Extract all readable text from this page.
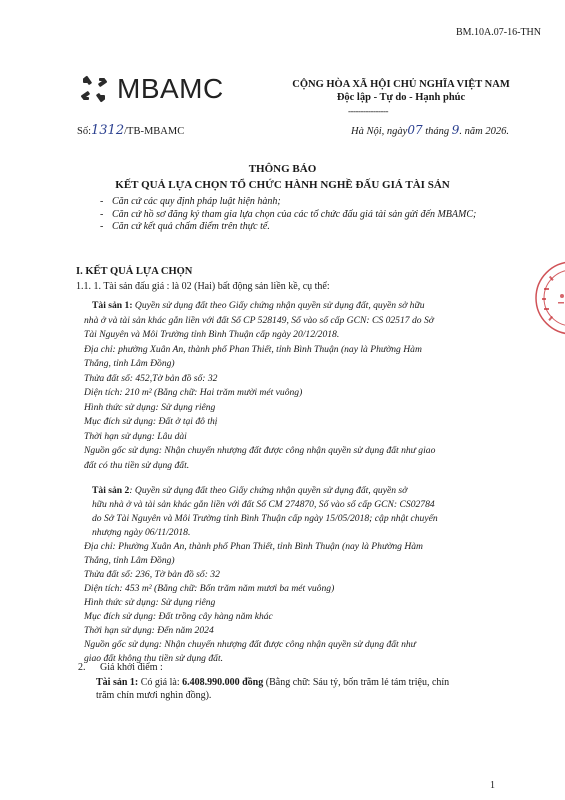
BM.10A.07-16-THN
MBAMC	CỘNG HÒA XÃ HỘI CHỦ NGHĨA VIỆT NAM
Độc lập - Tự do - Hạnh phúc
----------------
Số:1312/TB-MBAMC	Hà Nội, ngày07 tháng 9. năm 2026.
THÔNG BÁO
KẾT QUẢ LỰA CHỌN TỔ CHỨC HÀNH NGHỀ ĐẤU GIÁ TÀI SẢN
- Căn cứ các quy định pháp luật hiện hành;
- Căn cứ hồ sơ đăng ký tham gia lựa chọn của các tổ chức đấu giá tài sản gửi đến MBAMC;
- Căn cứ kết quả chấm điểm trên thực tế.
I. KẾT QUẢ LỰA CHỌN
1.1. 1. Tài sản đấu giá : là 02 (Hai) bất động sản liền kề, cụ thể:
Tài sản 1: Quyền sử dụng đất theo Giấy chứng nhận quyền sử dụng đất, quyền sở hữu
nhà ở và tài sản khác gắn liền với đất Số CP 528149, Số vào sổ cấp GCN: CS 02517 do Sở
Tài Nguyên và Môi Trường tỉnh Bình Thuận cấp ngày 20/12/2018.
Địa chỉ: phường Xuân An, thành phố Phan Thiết, tỉnh Bình Thuận (nay là Phường Hàm
Thắng, tỉnh Lâm Đồng)
Thửa đất số: 452,Tờ bản đồ số: 32
Diện tích: 210 m² (Bằng chữ: Hai trăm mười mét vuông)
Hình thức sử dụng: Sử dụng riêng
Mục đích sử dụng: Đất ở tại đô thị
Thời hạn sử dụng: Lâu dài
Nguồn gốc sử dụng: Nhận chuyển nhượng đất được công nhận quyền sử dụng đất như giao
đất có thu tiền sử dụng đất.
Tài sản 2: Quyền sử dụng đất theo Giấy chứng nhận quyền sử dụng đất, quyền sở
hữu nhà ở và tài sản khác gắn liền với đất Số CM 274870, Số vào sổ cấp GCN: CS02784
do Sở Tài Nguyên và Môi Trường tỉnh Bình Thuận cấp ngày 15/05/2018; cập nhật chuyển
nhượng ngày 06/11/2018.
Địa chỉ: Phường Xuân An, thành phố Phan Thiết, tỉnh Bình Thuận (nay là Phường Hàm
Thắng, tỉnh Lâm Đồng)
Thửa đất số: 236, Tờ bản đồ số: 32
Diện tích: 453 m² (Bằng chữ: Bốn trăm năm mươi ba mét vuông)
Hình thức sử dụng: Sử dụng riêng
Mục đích sử dụng: Đất trồng cây hàng năm khác
Thời hạn sử dụng: Đến năm 2024
Nguồn gốc sử dụng: Nhận chuyển nhượng đất được công nhận quyền sử dụng đất như
giao đất không thu tiền sử dụng đất.
2. Giá khởi điểm :
Tài sản 1: Có giá là: 6.408.990.000 đồng (Bằng chữ: Sáu tỷ, bốn trăm lẻ tám triệu, chín
trăm chín mươi nghìn đồng).
1
